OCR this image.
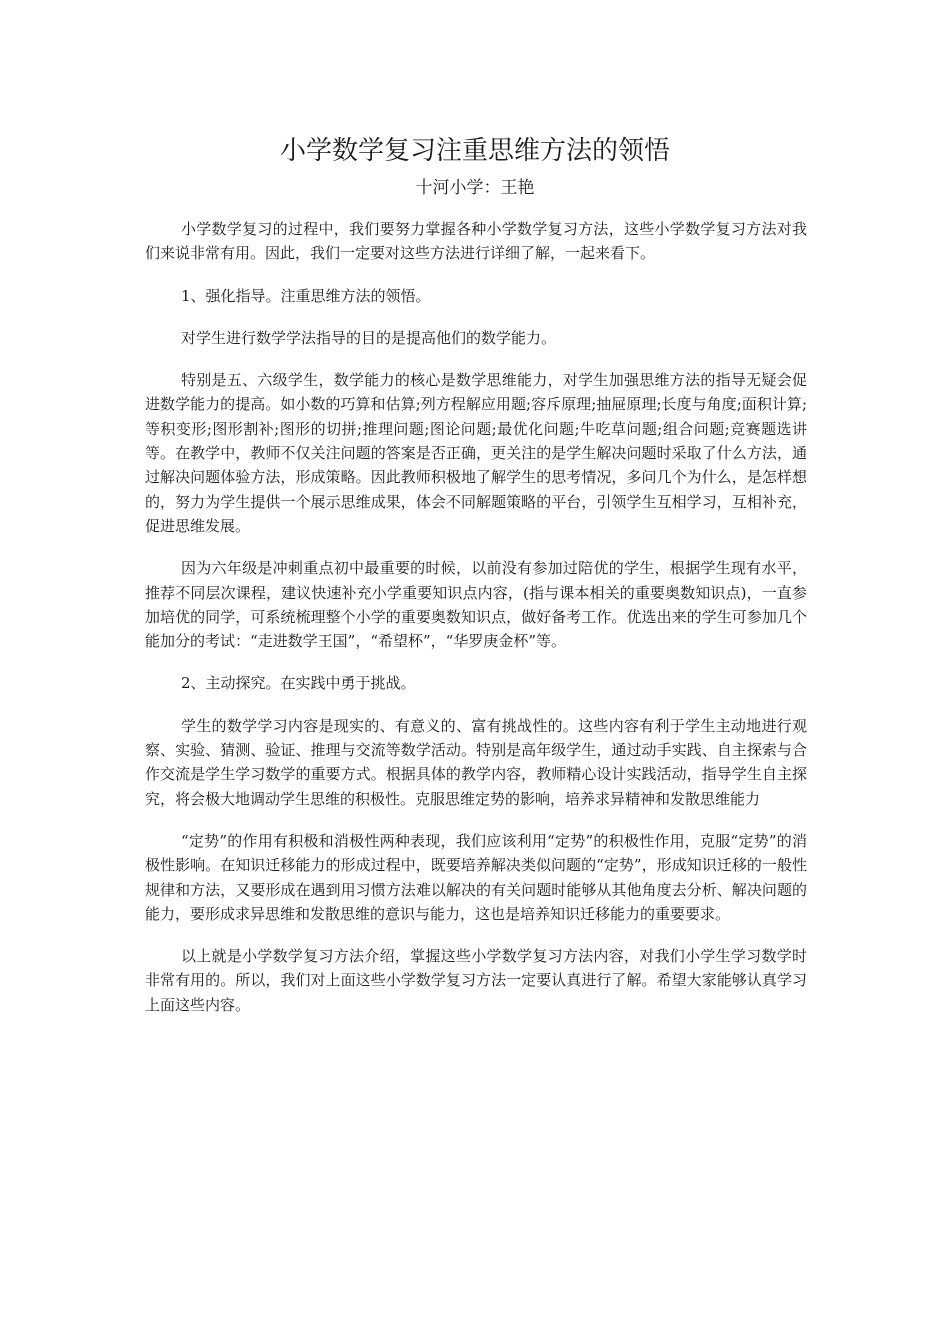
小学数学复习注重思维方法的领悟
十河小学：王艳

小学数学复习的过程中，我们要努力掌握各种小学数学复习方法，这些小学数学复习方法对我们来说非常有用。因此，我们一定要对这些方法进行详细了解，一起来看下。

1、强化指导。注重思维方法的领悟。

对学生进行数学学法指导的目的是提高他们的数学能力。

特别是五、六级学生，数学能力的核心是数学思维能力，对学生加强思维方法的指导无疑会促进数学能力的提高。如小数的巧算和估算;列方程解应用题;容斥原理;抽屉原理;长度与角度;面积计算;等积变形;图形割补;图形的切拼;推理问题;图论问题;最优化问题;牛吃草问题;组合问题;竞赛题选讲等。在教学中，教师不仅关注问题的答案是否正确，更关注的是学生解决问题时采取了什么方法，通过解决问题体验方法，形成策略。因此教师积极地了解学生的思考情况，多问几个为什么，是怎样想的，努力为学生提供一个展示思维成果，体会不同解题策略的平台，引领学生互相学习，互相补充，促进思维发展。

因为六年级是冲刺重点初中最重要的时候，以前没有参加过陪优的学生，根据学生现有水平，推荐不同层次课程，建议快速补充小学重要知识点内容，(指与课本相关的重要奥数知识点)，一直参加培优的同学，可系统梳理整个小学的重要奥数知识点，做好备考工作。优选出来的学生可参加几个能加分的考试：“走进数学王国”，“希望杯”，“华罗庚金杯”等。

2、主动探究。在实践中勇于挑战。

学生的数学学习内容是现实的、有意义的、富有挑战性的。这些内容有利于学生主动地进行观察、实验、猜测、验证、推理与交流等数学活动。特别是高年级学生，通过动手实践、自主探索与合作交流是学生学习数学的重要方式。根据具体的教学内容，教师精心设计实践活动，指导学生自主探究，将会极大地调动学生思维的积极性。克服思维定势的影响，培养求异精神和发散思维能力

“定势”的作用有积极和消极性两种表现，我们应该利用“定势”的积极性作用，克服“定势”的消极性影响。在知识迁移能力的形成过程中，既要培养解决类似问题的“定势”，形成知识迁移的一般性规律和方法，又要形成在遇到用习惯方法难以解决的有关问题时能够从其他角度去分析、解决问题的能力，要形成求异思维和发散思维的意识与能力，这也是培养知识迁移能力的重要要求。

以上就是小学数学复习方法介绍，掌握这些小学数学复习方法内容，对我们小学生学习数学时非常有用的。所以，我们对上面这些小学数学复习方法一定要认真进行了解。希望大家能够认真学习上面这些内容。
